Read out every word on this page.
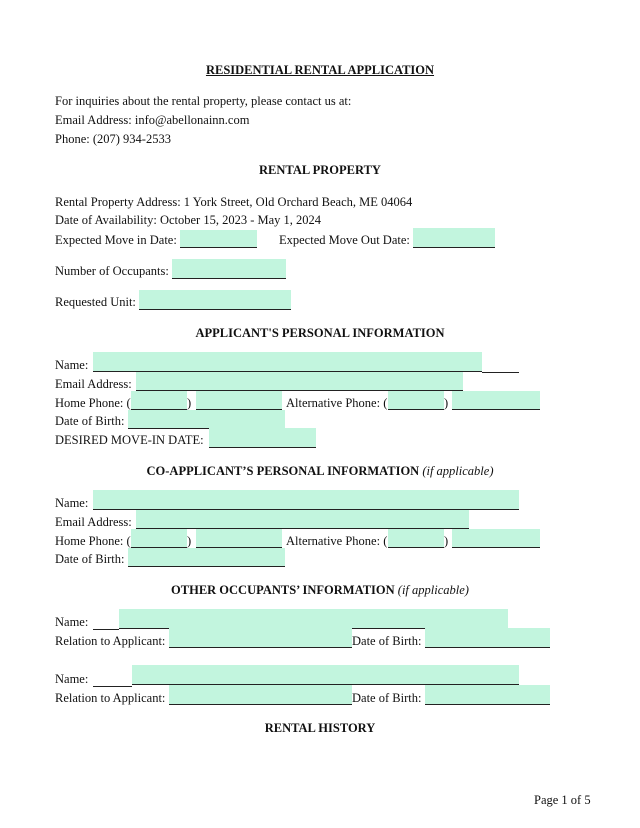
RESIDENTIAL RENTAL APPLICATION
For inquiries about the rental property, please contact us at:
Email Address: info@abellonainn.com
Phone: (207) 934-2533
RENTAL PROPERTY
Rental Property Address: 1 York Street, Old Orchard Beach, ME 04064
Date of Availability: October 15, 2023 - May 1, 2024
Expected Move in Date:	Expected Move Out Date:
Number of Occupants:
Requested Unit:
APPLICANT'S PERSONAL INFORMATION
Name:
Email Address:
Home Phone: (	)	Alternative Phone: (	)
Date of Birth:
DESIRED MOVE-IN DATE:
CO-APPLICANT’S PERSONAL INFORMATION (if applicable)
Name:
Email Address:
Home Phone: (	)	Alternative Phone: (	)
Date of Birth:
OTHER OCCUPANTS’ INFORMATION (if applicable)
Name:
Relation to Applicant:	Date of Birth:
Name:
Relation to Applicant:	Date of Birth:
RENTAL HISTORY
Page 1 of 5
